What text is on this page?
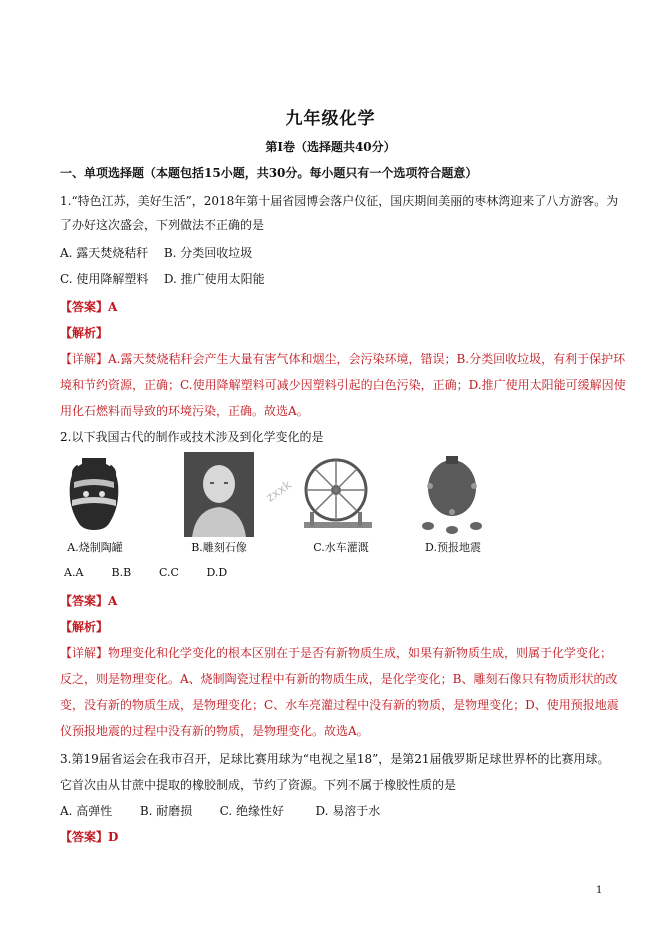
九年级化学
第Ⅰ卷（选择题共40分）
一、单项选择题（本题包括15小题，共30分。每小题只有一个选项符合题意）
1.“特色江苏，美好生活”，2018年第十届省园博会落户仪征，国庆期间美丽的枣林湾迎来了八方游客。为
了办好这次盛会，下列做法不正确的是
A. 露天焚烧秸秆 B. 分类回收垃圾
C. 使用降解塑料 D. 推广使用太阳能
【答案】A
【解析】
【详解】A.露天焚烧秸秆会产生大量有害气体和烟尘，会污染环境，错误；B.分类回收垃圾，有利于保护环
境和节约资源，正确；C.使用降解塑料可减少因塑料引起的白色污染，正确；D.推广使用太阳能可缓解因使
用化石燃料而导致的环境污染，正确。故选A。
2.以下我国古代的制作或技术涉及到化学变化的是
A.烧制陶罐	B.雕刻石像	C.水车灌溉	D.预报地震
zxxk
A.A	B.B	C.C	D.D
【答案】A
【解析】
【详解】物理变化和化学变化的根本区别在于是否有新物质生成，如果有新物质生成，则属于化学变化；
反之，则是物理变化。A、烧制陶瓷过程中有新的物质生成，是化学变化；B、雕刻石像只有物质形状的改
变，没有新的物质生成，是物理变化；C、水车亮灌过程中没有新的物质，是物理变化；D、使用预报地震
仪预报地震的过程中没有新的物质，是物理变化。故选A。
3.第19届省运会在我市召开，足球比赛用球为“电视之星18”，是第21届俄罗斯足球世界杯的比赛用球。
它首次由从甘蔗中提取的橡胶制成，节约了资源。下列不属于橡胶性质的是
A. 高弹性 B. 耐磨损 C. 绝缘性好	D. 易溶于水
【答案】D
1
